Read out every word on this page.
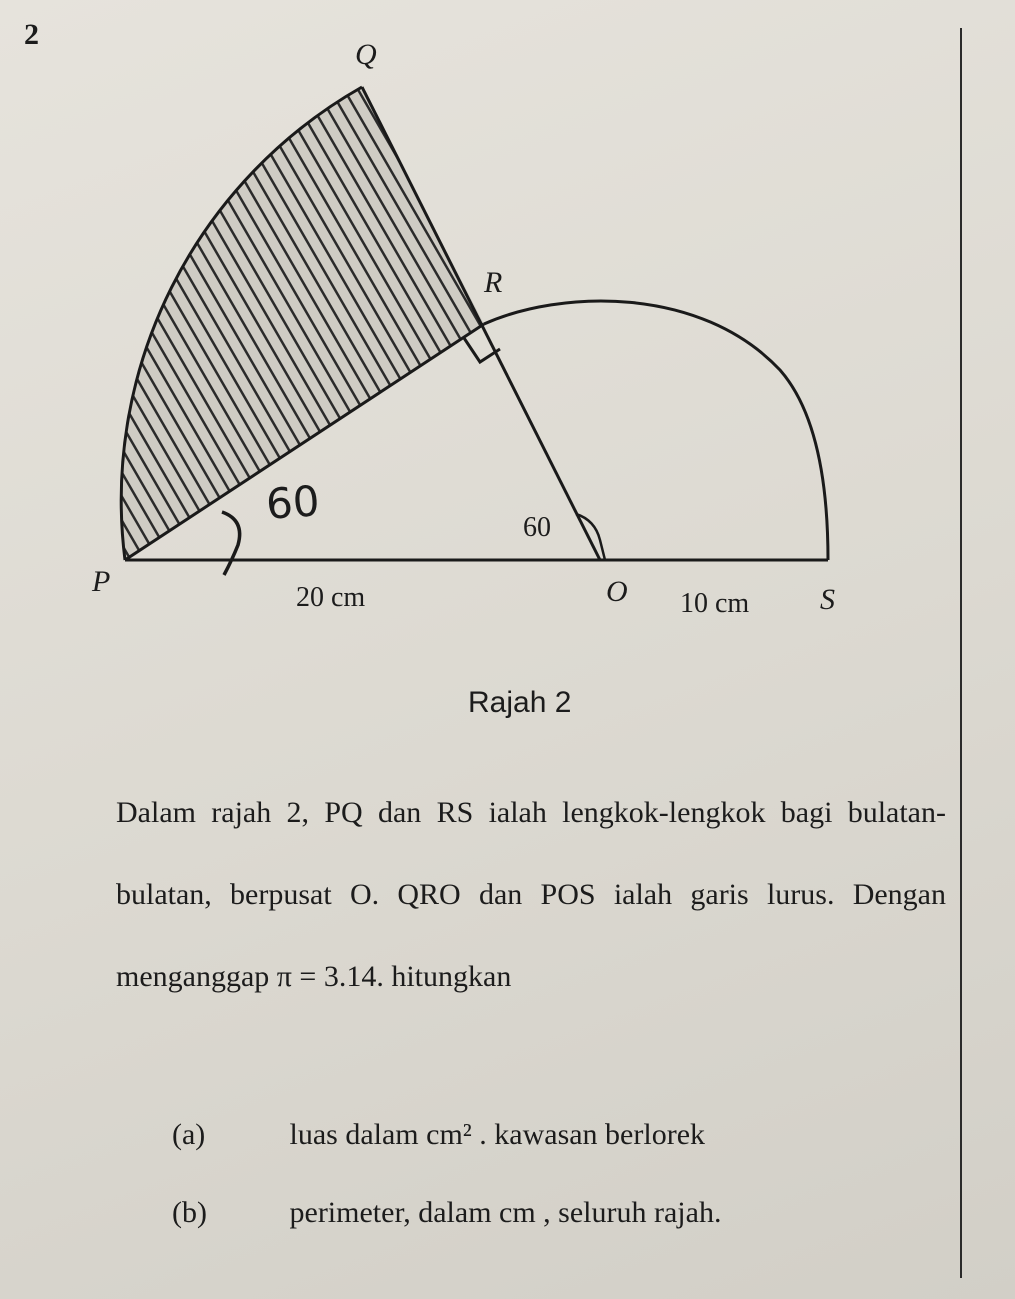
2
Q
R
P	O	S
20 cm	10 cm
60
60
Rajah 2
Dalam rajah 2, PQ dan RS ialah lengkok-lengkok bagi bulatan-bulatan, berpusat O. QRO dan POS ialah garis lurus. Dengan menganggap π = 3.14. hitungkan
(a)	luas dalam cm² . kawasan berlorek
(b)	perimeter, dalam cm , seluruh rajah.
